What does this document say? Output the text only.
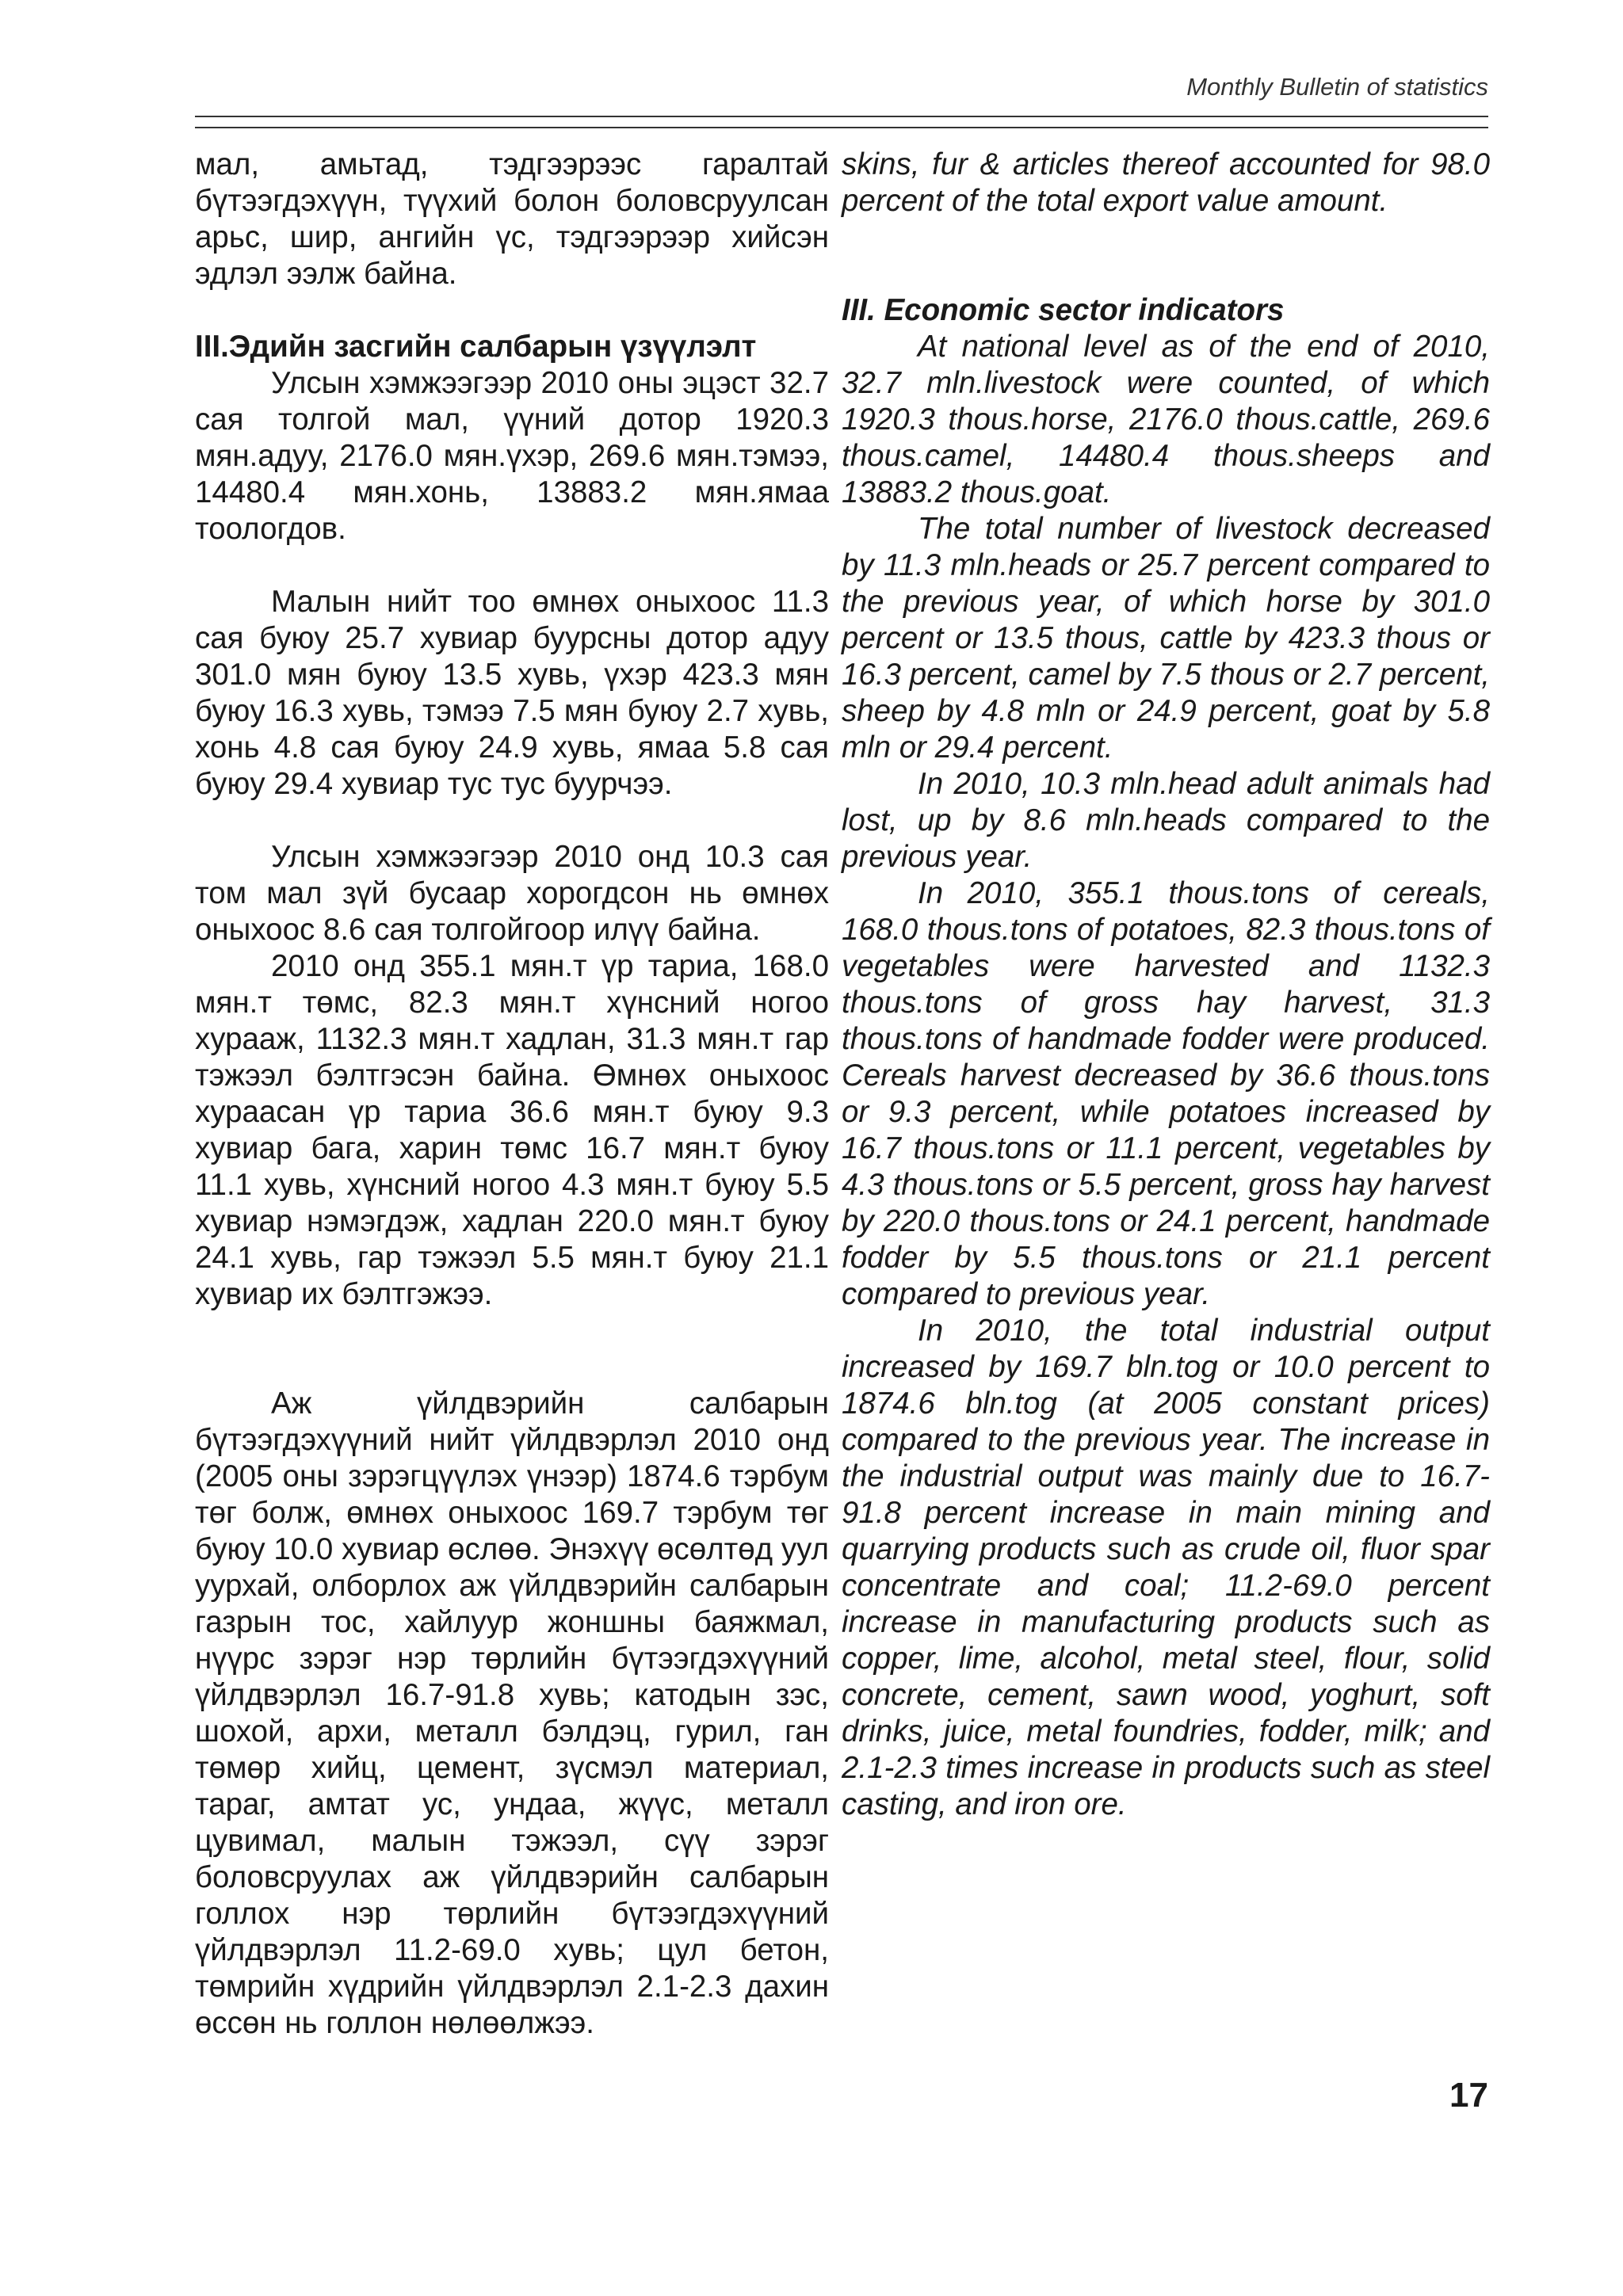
Monthly Bulletin of statistics

мал, амьтад, тэдгээрээс гаралтай бүтээгдэхүүн, түүхий болон боловсруулсан арьс, шир, ангийн үс, тэдгээрээр хийсэн эдлэл ээлж байна.

III.Эдийн засгийн салбарын үзүүлэлт

Улсын хэмжээгээр 2010 оны эцэст 32.7 сая толгой мал, үүний дотор 1920.3 мян.адуу, 2176.0 мян.үхэр, 269.6 мян.тэмээ, 14480.4 мян.хонь, 13883.2 мян.ямаа тоологдов.

Малын нийт тоо өмнөх оныхоос 11.3 сая буюу 25.7 хувиар буурсны дотор адуу 301.0 мян буюу 13.5 хувь, үхэр 423.3 мян буюу 16.3 хувь, тэмээ 7.5 мян буюу 2.7 хувь, хонь 4.8 сая буюу 24.9 хувь, ямаа 5.8 сая буюу 29.4 хувиар тус тус буурчээ.

Улсын хэмжээгээр 2010 онд 10.3 сая том мал зүй бусаар хорогдсон нь өмнөх оныхоос 8.6 сая толгойгоор илүү байна.

2010 онд 355.1 мян.т үр тариа, 168.0 мян.т төмс, 82.3 мян.т хүнсний ногоо хураaж, 1132.3 мян.т хадлан, 31.3 мян.т гар тэжээл бэлтгэсэн байна. Өмнөх оныхоос хураасан үр тариа 36.6 мян.т буюу 9.3 хувиар бага, харин төмс 16.7 мян.т буюу 11.1 хувь, хүнсний ногоо 4.3 мян.т буюу 5.5 хувиар нэмэгдэж, хадлан 220.0 мян.т буюу 24.1 хувь, гар тэжээл 5.5 мян.т буюу 21.1 хувиар их бэлтгэжээ.

Аж үйлдвэрийн салбарын бүтээгдэхүүний нийт үйлдвэрлэл 2010 онд (2005 оны зэрэгцүүлэх үнээр) 1874.6 тэрбум төг болж, өмнөх оныхоос 169.7 тэрбум төг буюу 10.0 хувиар өслөө. Энэхүү өсөлтөд уул уурхай, олборлох аж үйлдвэрийн салбарын газрын тос, хайлуур жоншны баяжмал, нүүрс зэрэг нэр төрлийн бүтээгдэхүүний үйлдвэрлэл 16.7-91.8 хувь; катодын зэс, шохой, архи, металл бэлдэц, гурил, ган төмөр хийц, цемент, зүсмэл материал, тараг, амтат ус, ундаа, жүүс, металл цувимал, малын тэжээл, сүү зэрэг боловсруулах аж үйлдвэрийн салбарын голлох нэр төрлийн бүтээгдэхүүний үйлдвэрлэл 11.2-69.0 хувь; цул бетон, төмрийн хүдрийн үйлдвэрлэл 2.1-2.3 дахин өссөн нь голлон нөлөөлжээ.

skins, fur & articles thereof accounted for 98.0 percent of the total export value amount.

III. Economic sector indicators

At national level as of the end of 2010, 32.7 mln.livestock were counted, of which 1920.3 thous.horse, 2176.0 thous.cattle, 269.6 thous.camel, 14480.4 thous.sheeps and 13883.2 thous.goat.

The total number of livestock decreased by 11.3 mln.heads or 25.7 percent compared to the previous year, of which horse by 301.0 percent or 13.5 thous, cattle by 423.3 thous or 16.3 percent, camel by 7.5 thous or 2.7 percent, sheep by 4.8 mln or 24.9 percent, goat by 5.8 mln or 29.4 percent.

In 2010, 10.3 mln.head adult animals had lost, up by 8.6 mln.heads compared to the previous year.

In 2010, 355.1 thous.tons of cereals, 168.0 thous.tons of potatoes, 82.3 thous.tons of vegetables were harvested and 1132.3 thous.tons of gross hay harvest, 31.3 thous.tons of handmade fodder were produced. Cereals harvest decreased by 36.6 thous.tons or 9.3 percent, while potatoes increased by 16.7 thous.tons or 11.1 percent, vegetables by 4.3 thous.tons or 5.5 percent, gross hay harvest by 220.0 thous.tons or 24.1 percent, handmade fodder by 5.5 thous.tons or 21.1 percent compared to previous year.

In 2010, the total industrial output increased by 169.7 bln.tog or 10.0 percent to 1874.6 bln.tog (at 2005 constant prices) compared to the previous year. The increase in the industrial output was mainly due to 16.7-91.8 percent increase in main mining and quarrying products such as crude oil, fluor spar concentrate and coal; 11.2-69.0 percent increase in manufacturing products such as copper, lime, alcohol, metal steel, flour, solid concrete, cement, sawn wood, yoghurt, soft drinks, juice, metal foundries, fodder, milk; and 2.1-2.3 times increase in products such as steel casting, and iron ore.

17
